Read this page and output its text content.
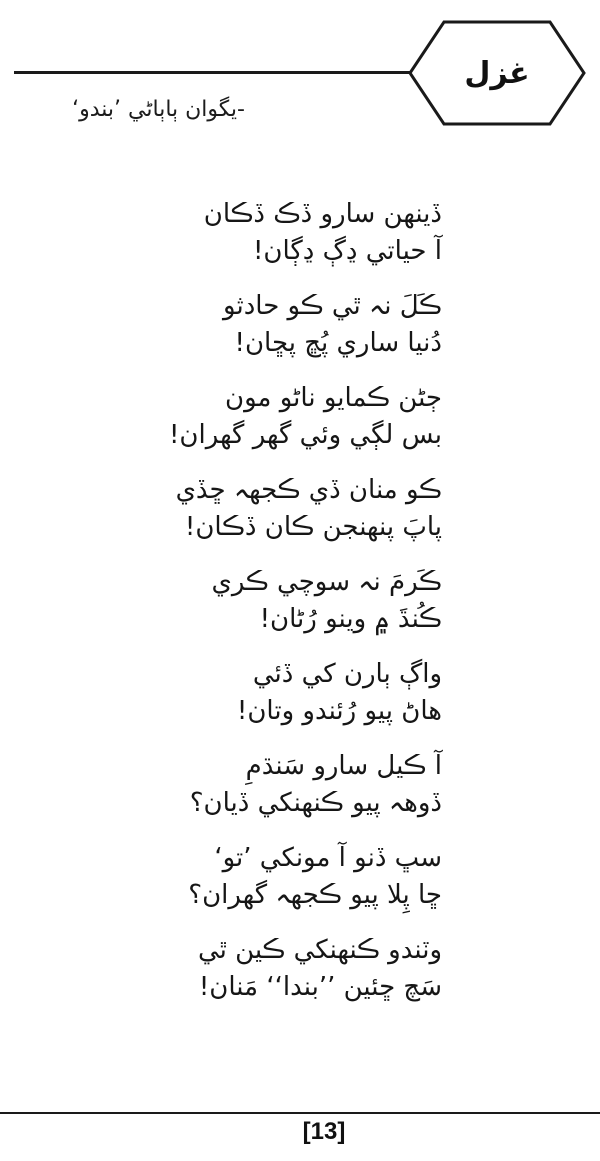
غزل
-يگوان ٻاٻاڻي ’بندو‘
ڏينهن سارو ڏڪ ڏڪان
آ حياتي ڍڳ ڍڳان!
ڪَلَ نہ ٿي ڪو حادثو
دُنيا ساري پُڇ پڇان!
ڄڻن ڪمايو ناڻو مون
بس لڳي وئي گهر گهران!
ڪو منان ڏي ڪجهہ ڇڏي
پاپَ پنهنجن ڪان ڏڪان!
ڪَرمَ نہ سوچي ڪري
ڪُنڌَ ۾ وينو رُڻان!
واڳ ٻارن کي ڏئي
هاڻ پيو رُئندو وتان!
آ ڪيل سارو سَنڌمِ
ڏوهہ پيو ڪنهنکي ڏيان؟
سڀ ڏنو آ مونکي ’تو‘
ڇا پِلا پيو ڪجهہ گهران؟
وٽندو ڪنهنکي ڪين ٿي
سَچ ڇئين ’’بندا‘‘ مَنان!
[13]
